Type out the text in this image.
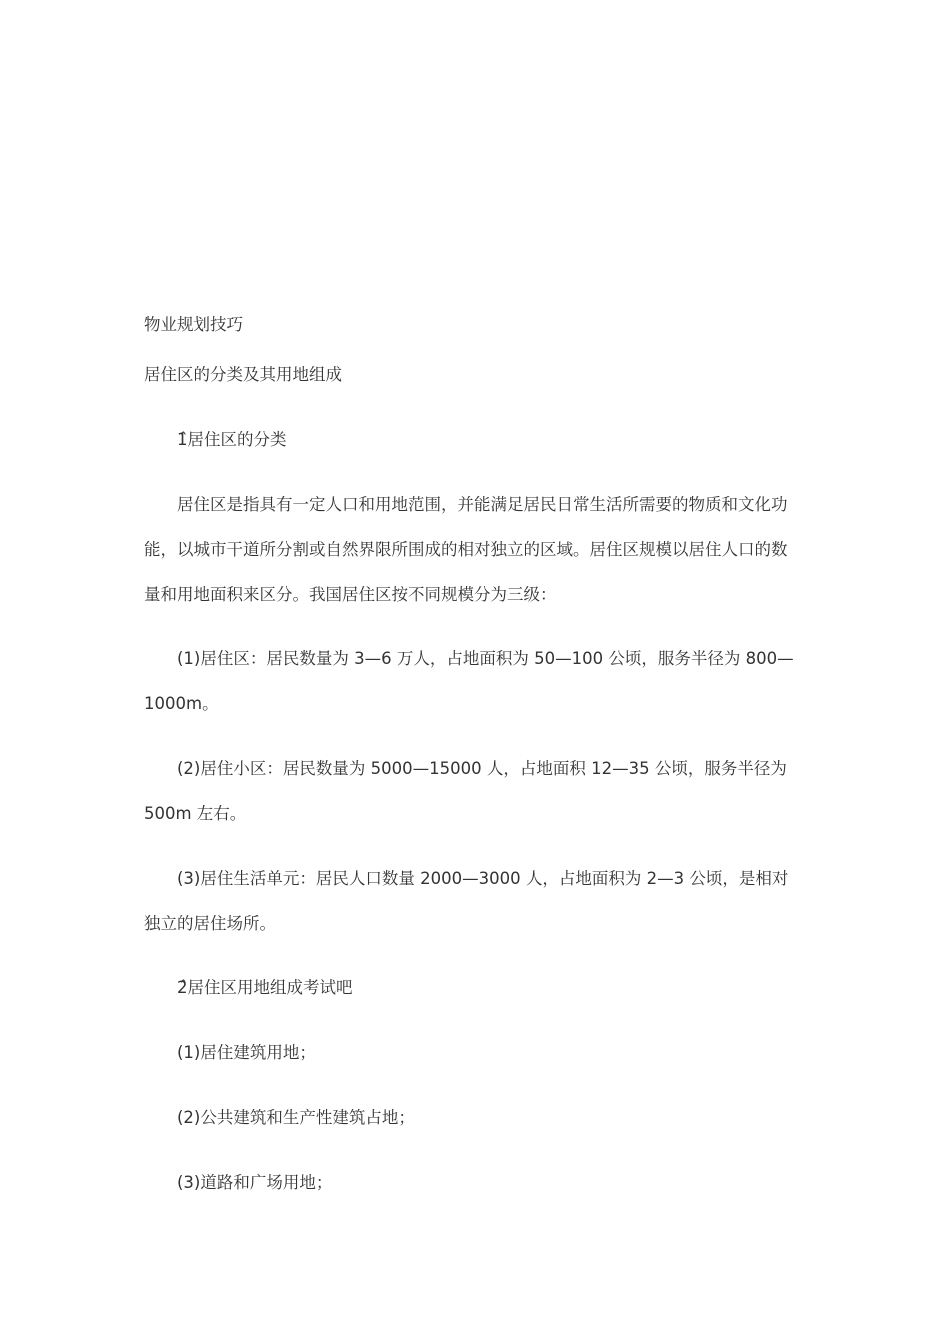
物业规划技巧
居住区的分类及其用地组成
1̂居住区的分类
居住区是指具有一定人口和用地范围，并能满足居民日常生活所需要的物质和文化功
能，以城市干道所分割或自然界限所围成的相对独立的区域。居住区规模以居住人口的数
量和用地面积来区分。我国居住区按不同规模分为三级：
(1)居住区：居民数量为 3—6 万人，占地面积为 50—100 公顷，服务半径为 800—
1000m。
(2)居住小区：居民数量为 5000—15000 人，占地面积 12—35 公顷，服务半径为
500m 左右。
(3)居住生活单元：居民人口数量 2000—3000 人，占地面积为 2—3 公顷，是相对
独立的居住场所。
2̂居住区用地组成考试吧
(1)居住建筑用地；
(2)公共建筑和生产性建筑占地；
(3)道路和广场用地；
